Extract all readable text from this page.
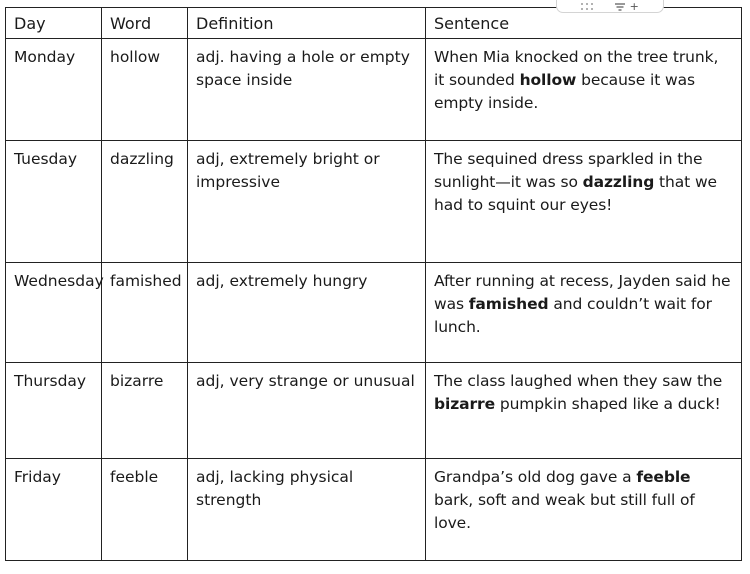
Day	Word	Definition	Sentence
Monday	hollow	adj. having a hole or empty space inside	When Mia knocked on the tree trunk, it sounded hollow because it was empty inside.
Tuesday	dazzling	adj, extremely bright or impressive	The sequined dress sparkled in the sunlight—it was so dazzling that we had to squint our eyes!
Wednesday	famished	adj, extremely hungry	After running at recess, Jayden said he was famished and couldn’t wait for lunch.
Thursday	bizarre	adj, very strange or unusual	The class laughed when they saw the bizarre pumpkin shaped like a duck!
Friday	feeble	adj, lacking physical strength	Grandpa’s old dog gave a feeble bark, soft and weak but still full of love.
+
